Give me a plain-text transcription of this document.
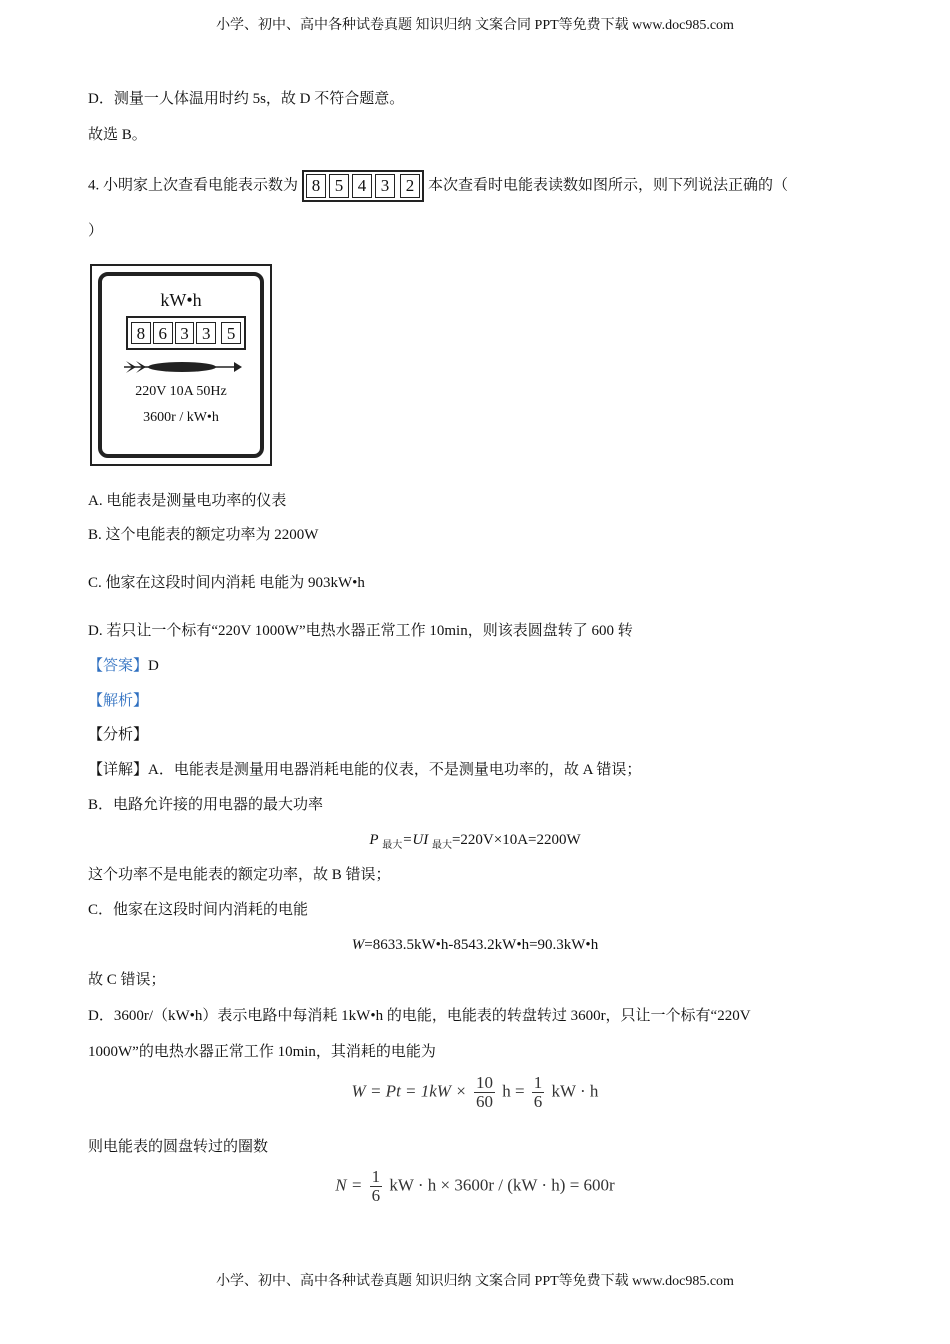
小学、初中、高中各种试卷真题 知识归纳 文案合同 PPT等免费下载 www.doc985.com
D．测量一人体温用时约 5s，故 D 不符合题意。
故选 B。
4. 小明家上次查看电能表示数为 8 5 4 3 2 本次查看时电能表读数如图所示，则下列说法正确的（
）
kW•h
8 6 3 3 5
220V 10A 50Hz
3600r / kW•h
A. 电能表是测量电功率的仪表
B. 这个电能表的额定功率为 2200W
C. 他家在这段时间内消耗 电能为 903kW•h
D. 若只让一个标有“220V 1000W”电热水器正常工作 10min，则该表圆盘转了 600 转
【答案】D
【解析】
【分析】
【详解】A．电能表是测量用电器消耗电能的仪表，不是测量电功率的，故 A 错误；
B．电路允许接的用电器的最大功率
P $_{最大}$=UI $_{最大}$=220V×10A=2200W
这个功率不是电能表的额定功率，故 B 错误；
C．他家在这段时间内消耗的电能
W=8633.5kW•h-8543.2kW•h=90.3kW•h
故 C 错误；
D．3600r/（kW•h）表示电路中每消耗 1kW•h 的电能，电能表的转盘转过 3600r，只让一个标有“220V
1000W”的电热水器正常工作 10min，其消耗的电能为
$W = Pt = 1kW \times \frac{10}{60}$ $h = \frac{1}{6}$ kW · h
则电能表的圆盘转过的圈数
$N = \frac{1}{6}$ kW · h × 3600r / (kW · h) = 600r
小学、初中、高中各种试卷真题 知识归纳 文案合同 PPT等免费下载 www.doc985.com
